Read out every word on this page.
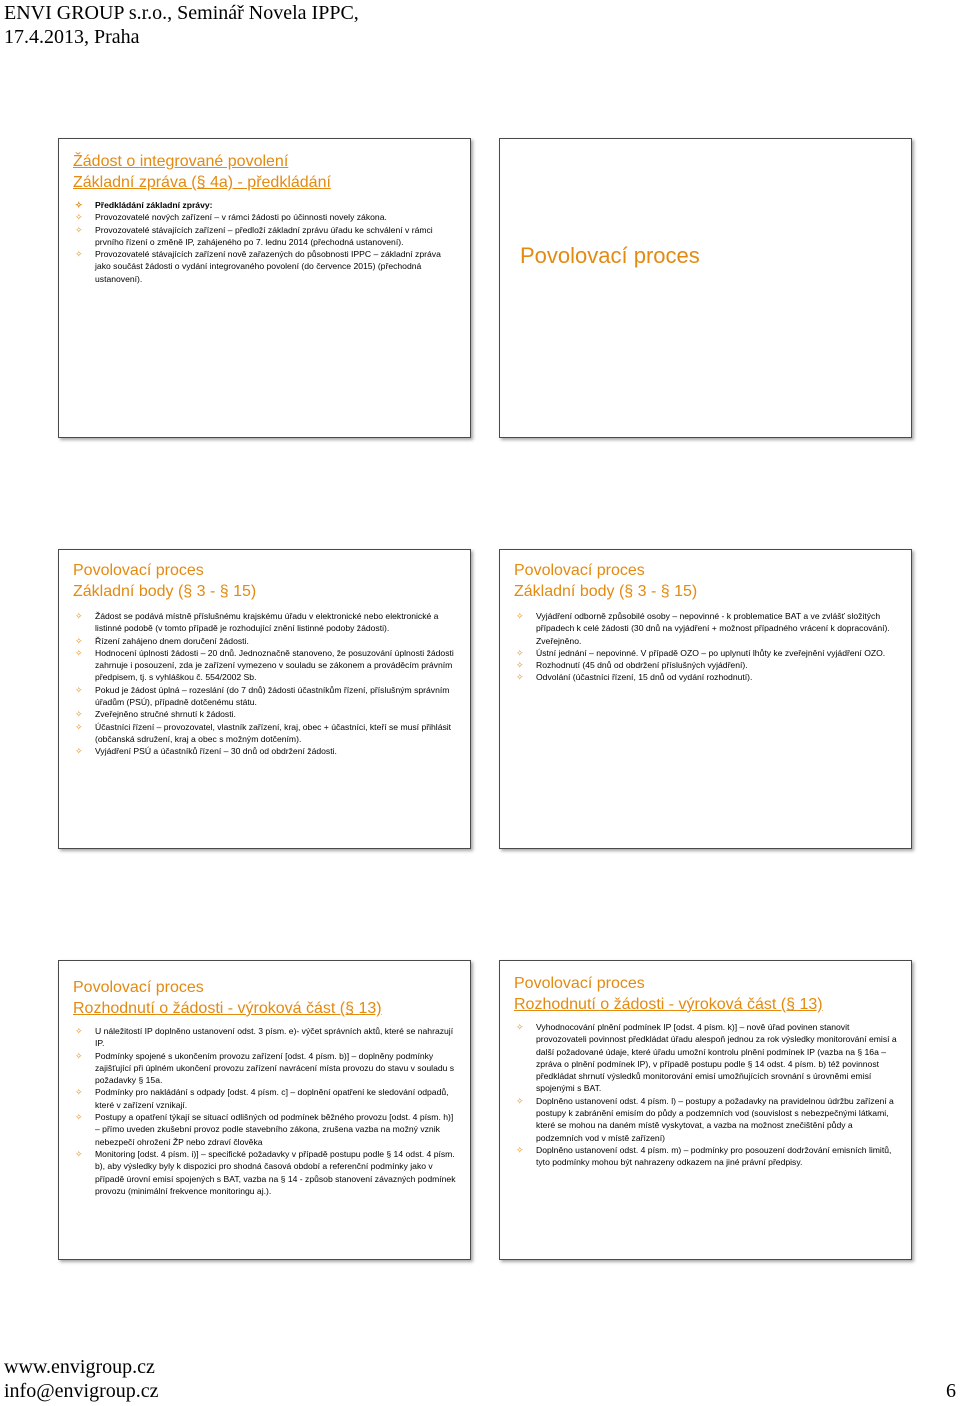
ENVI GROUP s.r.o., Seminář Novela IPPC,
17.4.2013, Praha
Žádost o integrované povolení
Základní zpráva (§ 4a) - předkládání
✧ Předkládání základní zprávy:
✧ Provozovatelé nových zařízení – v rámci žádosti po účinnosti novely zákona.
✧ Provozovatelé stávajících zařízení – předloží základní zprávu úřadu ke schválení v rámci prvního řízení o změně IP, zahájeného po 7. lednu 2014 (přechodná ustanovení).
✧ Provozovatelé stávajících zařízení nově zařazených do působnosti IPPC – základní zpráva jako součást žádosti o vydání integrovaného povolení (do července 2015) (přechodná ustanovení).
Povolovací proces
Povolovací proces
Základní body (§ 3 - § 15)
✧ Žádost se podává místně příslušnému krajskému úřadu v elektronické nebo elektronické a listinné podobě (v tomto případě je rozhodující znění listinné podoby žádosti).
✧ Řízení zahájeno dnem doručení žádosti.
✧ Hodnocení úplnosti žádosti – 20 dnů. Jednoznačně stanoveno, že posuzování úplnosti žádosti zahrnuje i posouzení, zda je zařízení vymezeno v souladu se zákonem a prováděcím právním předpisem, tj. s vyhláškou č. 554/2002 Sb.
✧ Pokud je žádost úplná – rozeslání (do 7 dnů) žádosti účastníkům řízení, příslušným správním úřadům (PSÚ), případně dotčenému státu.
✧ Zveřejněno stručné shrnutí k žádosti.
✧ Účastníci řízení – provozovatel, vlastník zařízení, kraj, obec + účastníci, kteří se musí přihlásit (občanská sdružení, kraj a obec s možným dotčením).
✧ Vyjádření PSÚ a účastníků řízení – 30 dnů od obdržení žádosti.
Povolovací proces
Základní body (§ 3 - § 15)
✧ Vyjádření odborně způsobilé osoby – nepovinné - k problematice BAT a ve zvlášť složitých případech k celé žádosti (30 dnů na vyjádření + možnost případného vrácení k dopracování). Zveřejněno.
✧ Ústní jednání – nepovinné. V případě OZO – po uplynutí lhůty ke zveřejnění vyjádření OZO.
✧ Rozhodnutí (45 dnů od obdržení příslušných vyjádření).
✧ Odvolání (účastníci řízení, 15 dnů od vydání rozhodnutí).
Povolovací proces
Rozhodnutí o žádosti - výroková část (§ 13)
✧ U náležitostí IP doplněno ustanovení odst. 3 písm. e)- výčet správních aktů, které se nahrazují IP.
✧ Podmínky spojené s ukončením provozu zařízení [odst. 4 písm. b)] – doplněny podmínky zajišťující při úplném ukončení provozu zařízení navrácení místa provozu do stavu v souladu s požadavky § 15a.
✧ Podmínky pro nakládání s odpady [odst. 4 písm. c] – doplnění opatření ke sledování odpadů, které v zařízení vznikají.
✧ Postupy a opatření týkají se situací odlišných od podmínek běžného provozu [odst. 4 písm. h)] – přímo uveden zkušební provoz podle stavebního zákona, zrušena vazba na možný vznik nebezpečí ohrožení ŽP nebo zdraví člověka
✧ Monitoring [odst. 4 písm. i)] – specifické požadavky v případě postupu podle § 14 odst. 4 písm. b), aby výsledky byly k dispozici pro shodná časová období a referenční podmínky jako v případě úrovní emisí spojených s BAT, vazba na § 14 - způsob stanovení závazných podmínek provozu (minimální frekvence monitoringu aj.).
Povolovací proces
Rozhodnutí o žádosti - výroková část (§ 13)
✧ Vyhodnocování plnění podmínek IP [odst. 4 písm. k)] – nově úřad povinen stanovit provozovateli povinnost předkládat úřadu alespoň jednou za rok výsledky monitorování emisí a další požadované údaje, které úřadu umožní kontrolu plnění podmínek IP (vazba na § 16a – zpráva o plnění podmínek IP), v případě postupu podle § 14 odst. 4 písm. b) též povinnost předkládat shrnutí výsledků monitorování emisí umožňujících srovnání s úrovněmi emisí spojenými s BAT.
✧ Doplněno ustanovení odst. 4 písm. l) – postupy a požadavky na pravidelnou údržbu zařízení a postupy k zabránění emisím do půdy a podzemních vod (souvislost s nebezpečnými látkami, které se mohou na daném místě vyskytovat, a vazba na možnost znečištění půdy a podzemních vod v místě zařízení)
✧ Doplněno ustanovení odst. 4 písm. m) – podmínky pro posouzení dodržování emisních limitů, tyto podmínky mohou být nahrazeny odkazem na jiné právní předpisy.
www.envigroup.cz
info@envigroup.cz	6
